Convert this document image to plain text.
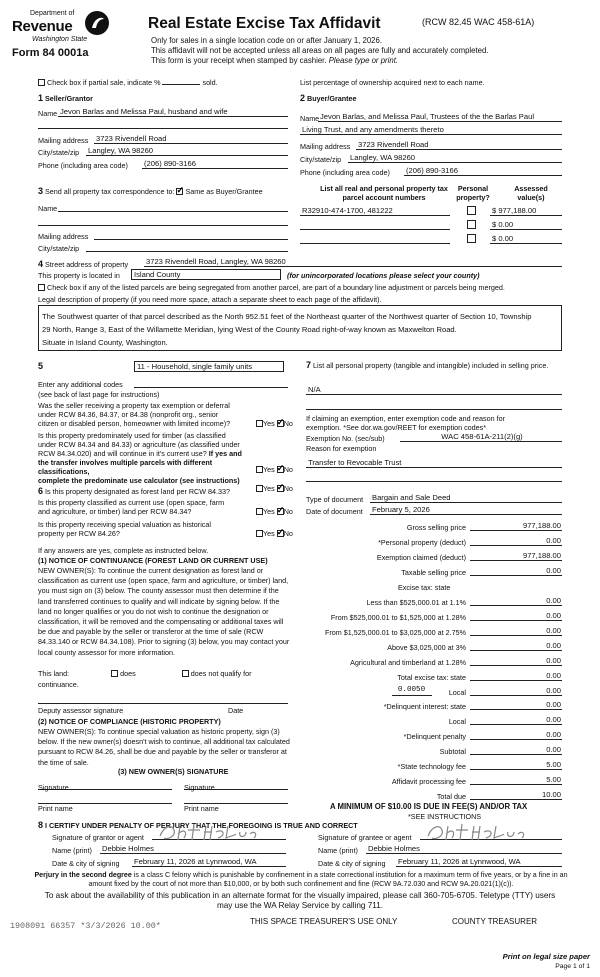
Department of
Revenue
Washington State
Form 84 0001a
Real Estate Excise Tax Affidavit	(RCW 82.45 WAC 458-61A)
Only for sales in a single location code on or after January 1, 2026.
This affidavit will not be accepted unless all areas on all pages are fully and accurately completed.
This form is your receipt when stamped by cashier. Please type or print.
Check box if partial sale, indicate %	sold.	List percentage of ownership acquired next to each name.
1 Seller/Grantor
Name Jevon Barlas and Melissa Paul, husband and wife
Mailing address 3723 Rivendell Road
City/state/zip Langley, WA 98260
Phone (including area code) (206) 890-3166
2 Buyer/Grantee
Name Jevon Barlas, and Melissa Paul, Trustees of the the Barlas Paul
Living Trust, and any amendments thereto
Mailing address 3723 Rivendell Road
City/state/zip Langley, WA 98260
Phone (including area code) (206) 890-3166
3 Send all property tax correspondence to: ✓ Same as Buyer/Grantee
Name
Mailing address
City/state/zip
List all real and personal property tax
parcel account numbers
Personal
property?
Assessed
value(s)
R32910-474-1700, 481222	$ 977,188.00
$ 0.00
$ 0.00
4 Street address of property 3723 Rivendell Road, Langley, WA 98260
This property is located in	Island County	(for unincorporated locations please select your county)
Check box if any of the listed parcels are being segregated from another parcel, are part of a boundary line adjustment or parcels being merged.
Legal description of property (if you need more space, attach a separate sheet to each page of the affidavit).
The Southwest quarter of that parcel described as the North 952.51 feet of the Northeast quarter of the Northwest quarter of Section 10, Township
29 North, Range 3, East of the Willamette Meridian, lying West of the County Road right-of-way known as Maxwelton Road.
Situate in Island County, Washington.
5	11 - Household, single family units
Enter any additional codes
(see back of last page for instructions)
Was the seller receiving a property tax exemption or deferral
under RCW 84.36, 84.37, or 84.38 (nonprofit org., senior
citizen or disabled person, homeowner with limited income)?	Yes ✓ No
Is this property predominately used for timber (as classified
under RCW 84.34 and 84.33) or agriculture (as classified under
RCW 84.34.020) and will continue in it's current use? If yes and
the transfer involves multiple parcels with different classifications,
complete the predominate use calculator (see instructions)
Yes ✓ No
6 Is this property designated as forest land per RCW 84.33?	Yes ✓ No
Is this property classified as current use (open space, farm
and agriculture, or timber) land per RCW 84.34?	Yes ✓ No
Is this property receiving special valuation as historical
property per RCW 84.26?	Yes ✓ No
If any answers are yes, complete as instructed below.
(1) NOTICE OF CONTINUANCE (FOREST LAND OR CURRENT USE)
NEW OWNER(S): To continue the current designation as forest land or classification as current use (open space, farm and agriculture, or timber) land, you must sign on (3) below. The county assessor must then determine if the land transferred continues to qualify and will indicate by signing below. If the land no longer qualifies or you do not wish to continue the designation or classification, it will be removed and the compensating or additional taxes will be due and payable by the seller or transferor at the time of sale (RCW 84.33.140 or RCW 84.34.108). Prior to signing (3) below, you may contact your local county assessor for more information.
This land:	does	does not qualify for
continuance.
Deputy assessor signature	Date
(2) NOTICE OF COMPLIANCE (HISTORIC PROPERTY)
NEW OWNER(S): To continue special valuation as historic property, sign (3) below. If the new owner(s) doesn't wish to continue, all additional tax calculated pursuant to RCW 84.26, shall be due and payable by the seller or transferor at the time of sale.
(3) NEW OWNER(S) SIGNATURE
Signature	Signature
Print name	Print name
7 List all personal property (tangible and intangible) included in selling price.
N/A
If claiming an exemption, enter exemption code and reason for
exemption. *See dor.wa.gov/REET for exemption codes*
Exemption No. (sec/sub)	WAC 458-61A-211(2)(g)
Reason for exemption
Transfer to Revocable Trust
Type of document Bargain and Sale Deed
Date of document February 5, 2026
Gross selling price	977,188.00
*Personal property (deduct)	0.00
Exemption claimed (deduct)	977,188.00
Taxable selling price	0.00
Excise tax: state
Less than $525,000.01 at 1.1%	0.00
From $525,000.01 to $1,525,000 at 1.28%	0.00
From $1,525,000.01 to $3,025,000 at 2.75%	0.00
Above $3,025,000 at 3%	0.00
Agricultural and timberland at 1.28%	0.00
Total excise tax: state	0.00
0.0050	Local	0.00
*Delinquent interest: state	0.00
Local	0.00
*Delinquent penalty	0.00
Subtotal	0.00
*State technology fee	5.00
Affidavit processing fee	5.00
Total due	10.00
A MINIMUM OF $10.00 IS DUE IN FEE(S) AND/OR TAX
*SEE INSTRUCTIONS
8 I CERTIFY UNDER PENALTY OF PERJURY THAT THE FOREGOING IS TRUE AND CORRECT
Signature of grantor or agent
Name (print) Debbie Holmes
Date & city of signing February 11, 2026 at Lynnwood, WA
Signature of grantee or agent
Name (print) Debbie Holmes
Date & city of signing February 11, 2026 at Lynnwood, WA
Perjury in the second degree is a class C felony which is punishable by confinement in a state correctional institution for a maximum term of five years, or by a fine in an amount fixed by the court of not more than $10,000, or by both such confinement and fine (RCW 9A.72.030 and RCW 9A.20.021(1)(c)).
To ask about the availability of this publication in an alternate format for the visually impaired, please call 360-705-6705. Teletype (TTY) users may use the WA Relay Service by calling 711.
1908091 66357 *3/3/2026 10.00*	THIS SPACE TREASURER'S USE ONLY	COUNTY TREASURER
Print on legal size paper
Page 1 of 1
